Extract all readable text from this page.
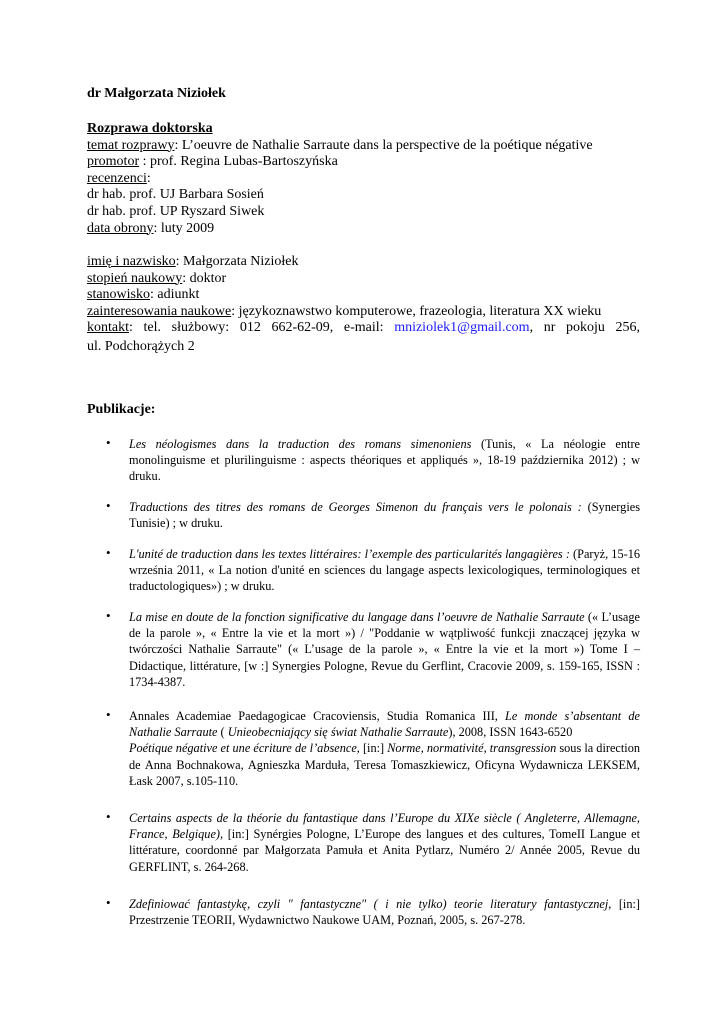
dr Małgorzata Niziołek

Rozprawa doktorska

temat rozprawy: L’oeuvre de Nathalie Sarraute dans la perspective de la poétique négative

promotor : prof. Regina Lubas-Bartoszyńska

recenzenci:

dr hab. prof. UJ Barbara Sosień

dr hab. prof. UP Ryszard Siwek

data obrony: luty 2009

imię i nazwisko: Małgorzata Niziołek

stopień naukowy: doktor

stanowisko: adiunkt

zainteresowania naukowe: językoznawstwo komputerowe, frazeologia, literatura XX wieku

kontakt: tel. służbowy: 012 662-62-09, e-mail: mniziolek1@gmail.com, nr pokoju 256,

ul. Podchorążych 2

Publikacje:
• Les néologismes dans la traduction des romans simenoniens (Tunis, « La néologie entre monolinguisme et plurilinguisme : aspects théoriques et appliqués », 18-19 października 2012) ; w druku.

• Traductions des titres des romans de Georges Simenon du français vers le polonais : (Synergies Tunisie) ; w druku.

• L'unité de traduction dans les textes littéraires: l’exemple des particularités langagières : (Paryż, 15-16 września 2011, « La notion d'unité en sciences du langage aspects lexicologiques, terminologiques et traductologiques») ; w druku.

• La mise en doute de la fonction significative du langage dans l’oeuvre de Nathalie Sarraute (« L’usage de la parole », « Entre la vie et la mort ») / "Poddanie w wątpliwość funkcji znaczącej języka w twórczości Nathalie Sarraute" (« L’usage de la parole », « Entre la vie et la mort ») Tome I – Didactique, littérature, [w :] Synergies Pologne, Revue du Gerflint, Cracovie 2009, s. 159-165, ISSN : 1734-4387.

• Annales Academiae Paedagogicae Cracoviensis, Studia Romanica III, Le monde s’absentant de Nathalie Sarraute ( Unieobecniający się świat Nathalie Sarraute), 2008, ISSN 1643-6520

Poétique négative et une écriture de l’absence, [in:] Norme, normativité, transgression sous la direction de Anna Bochnakowa, Agnieszka Marduła, Teresa Tomaszkiewicz, Oficyna Wydawnicza LEKSEM, Łask 2007, s.105-110.

• Certains aspects de la théorie du fantastique dans l’Europe du XIXe siècle ( Angleterre, Allemagne, France, Belgique), [in:] Synérgies Pologne, L’Europe des langues et des cultures, TomeII Langue et littérature, coordonné par Małgorzata Pamuła et Anita Pytlarz, Numéro 2/ Année 2005, Revue du GERFLINT, s. 264-268.

• Zdefiniować fantastykę, czyli " fantastyczne" ( i nie tylko) teorie literatury fantastycznej, [in:] Przestrzenie TEORII, Wydawnictwo Naukowe UAM, Poznań, 2005, s. 267-278.
